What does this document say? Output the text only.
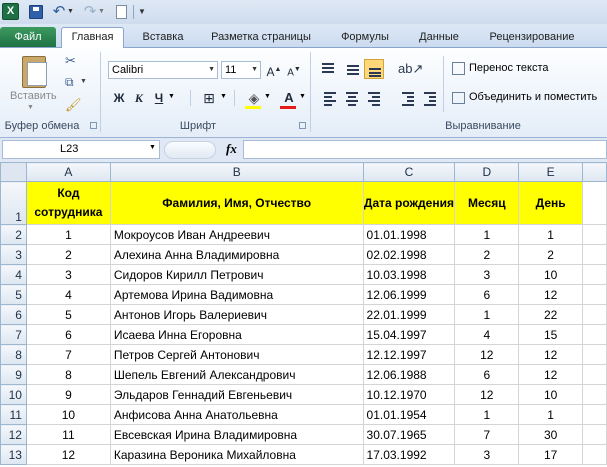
X	↶ ▼ ↷ ▼	▼
Файл	Главная	Вставка	Разметка страницы	Формулы	Данные	Рецензирование
Вставить
▼
✂
⧉ ▼
🖌
Буфер обмена
Calibri	▼ 11 ▼ A▲ A▼
Ж К Ч ▼ ⊞ ▼	◈ ▼	А ▼
Шрифт
ab↗	Перенос текста
Объединить и поместить
Выравнивание
L23	▼	fx
	A	B	C	D	E	
1	Код сотрудника	Фамилия, Имя, Отчество	Дата рождения	Месяц	День	
2	1	Мокроусов Иван Андреевич	01.01.1998	1	1	
3	2	Алехина Анна Владимировна	02.02.1998	2	2	
4	3	Сидоров Кирилл Петрович	10.03.1998	3	10	
5	4	Артемова Ирина Вадимовна	12.06.1999	6	12	
6	5	Антонов Игорь Валериевич	22.01.1999	1	22	
7	6	Исаева Инна Егоровна	15.04.1997	4	15	
8	7	Петров Сергей Антонович	12.12.1997	12	12	
9	8	Шепель Евгений Александрович	12.06.1988	6	12	
10	9	Эльдаров Геннадий Евгеньевич	10.12.1970	12	10	
11	10	Анфисова Анна Анатольевна	01.01.1954	1	1	
12	11	Евсевская Ирина Владимировна	30.07.1965	7	30	
13	12	Каразина Вероника Михайловна	17.03.1992	3	17	
